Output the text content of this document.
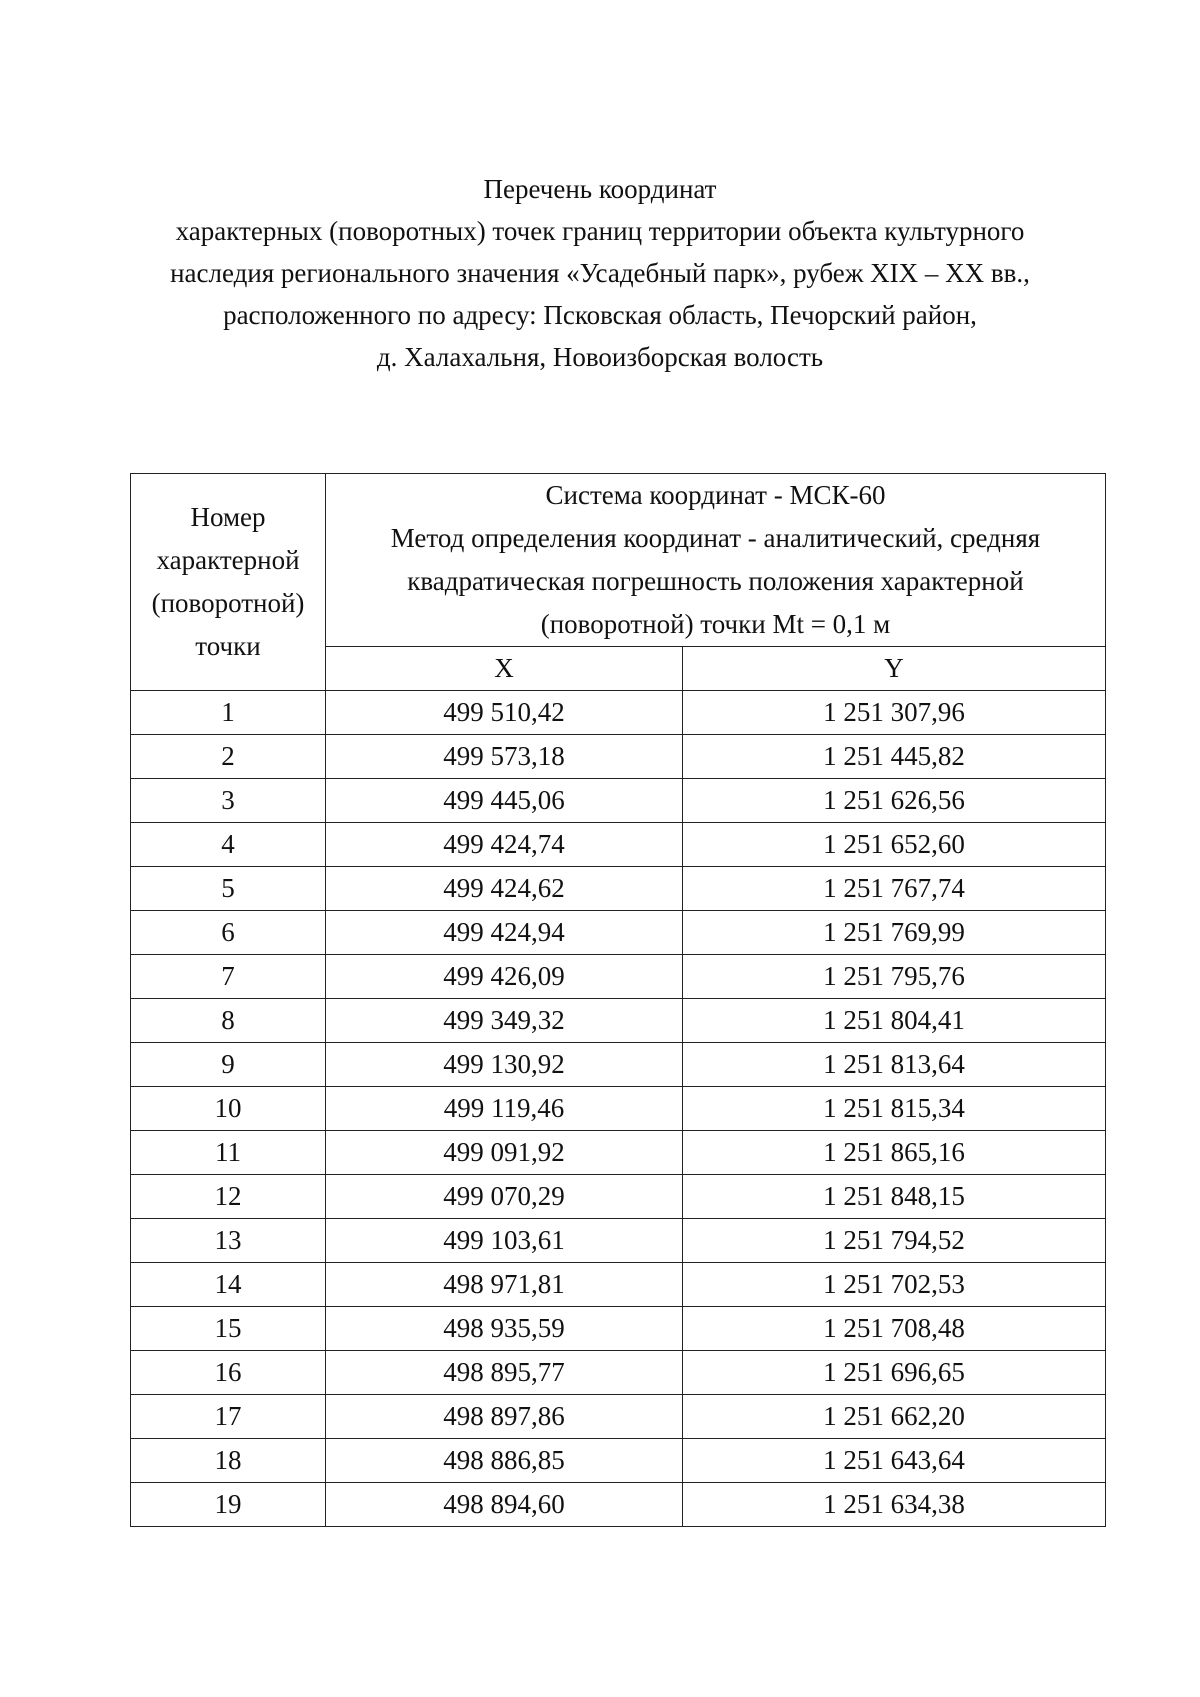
Перечень координат
характерных (поворотных) точек границ территории объекта культурного
наследия регионального значения «Усадебный парк», рубеж XIX – XX вв.,
расположенного по адресу: Псковская область, Печорский район,
д. Халахальня, Новоизборская волость
Номер
характерной
(поворотной)
точки	Система координат - МСК-60
Метод определения координат - аналитический, средняя
квадратическая погрешность положения характерной
(поворотной) точки Mt = 0,1 м	

	X	Y
1	499 510,42	1 251 307,96
2	499 573,18	1 251 445,82
3	499 445,06	1 251 626,56
4	499 424,74	1 251 652,60
5	499 424,62	1 251 767,74
6	499 424,94	1 251 769,99
7	499 426,09	1 251 795,76
8	499 349,32	1 251 804,41
9	499 130,92	1 251 813,64
10	499 119,46	1 251 815,34
11	499 091,92	1 251 865,16
12	499 070,29	1 251 848,15
13	499 103,61	1 251 794,52
14	498 971,81	1 251 702,53
15	498 935,59	1 251 708,48
16	498 895,77	1 251 696,65
17	498 897,86	1 251 662,20
18	498 886,85	1 251 643,64
19	498 894,60	1 251 634,38
